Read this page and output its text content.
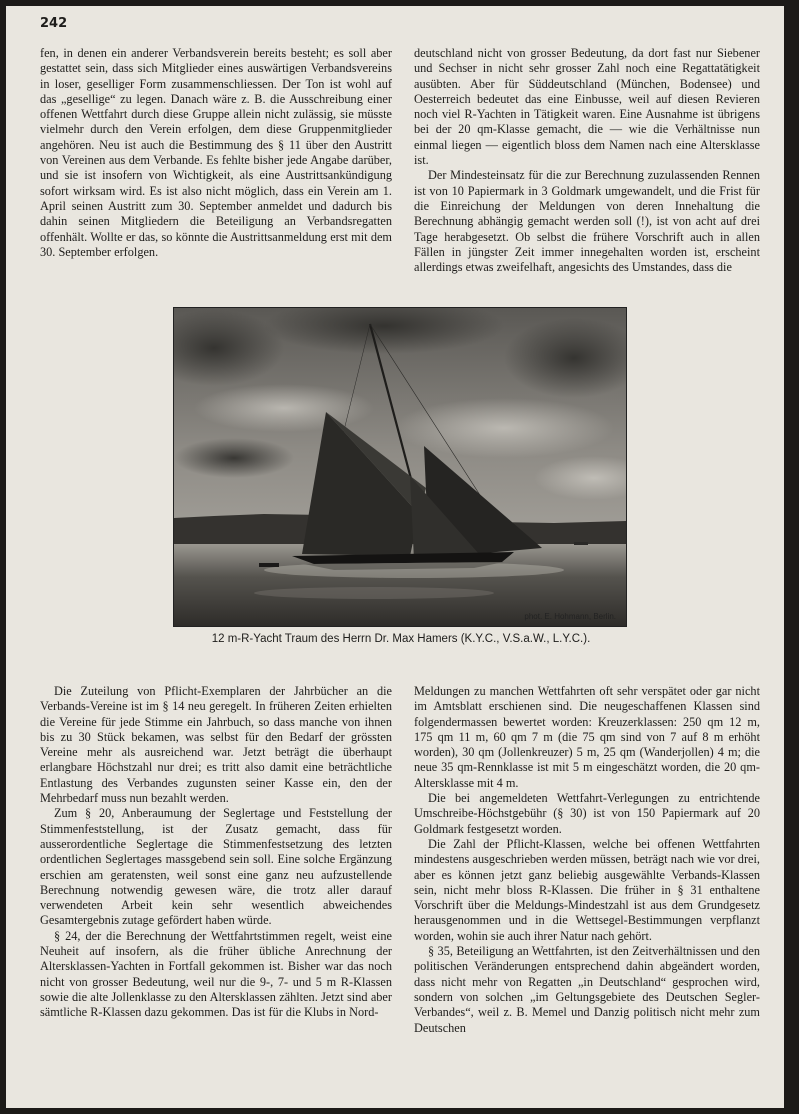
242

fen, in denen ein anderer Verbandsverein bereits besteht; es soll aber gestattet sein, dass sich Mitglieder eines auswärtigen Verbandsvereins in loser, geselliger Form zusammenschliessen. Der Ton ist wohl auf das „gesellige“ zu legen. Danach wäre z. B. die Ausschreibung einer offenen Wettfahrt durch diese Gruppe allein nicht zulässig, sie müsste vielmehr durch den Verein erfolgen, dem diese Gruppenmitglieder angehören. Neu ist auch die Bestimmung des § 11 über den Austritt von Vereinen aus dem Verbande. Es fehlte bisher jede Angabe darüber, und sie ist insofern von Wichtigkeit, als eine Austrittsankündigung sofort wirksam wird. Es ist also nicht möglich, dass ein Verein am 1. April seinen Austritt zum 30. September anmeldet und dadurch bis dahin seinen Mitgliedern die Beteiligung an Verbandsregatten offenhält. Wollte er das, so könnte die Austrittsanmeldung erst mit dem 30. September erfolgen.

deutschland nicht von grosser Bedeutung, da dort fast nur Siebener und Sechser in nicht sehr grosser Zahl noch eine Regattatätigkeit ausübten. Aber für Süddeutschland (München, Bodensee) und Oesterreich bedeutet das eine Einbusse, weil auf diesen Revieren noch viel R-Yachten in Tätigkeit waren. Eine Ausnahme ist übrigens bei der 20 qm-Klasse gemacht, die — wie die Verhältnisse nun einmal liegen — eigentlich bloss dem Namen nach eine Altersklasse ist.

Der Mindesteinsatz für die zur Berechnung zuzulassenden Rennen ist von 10 Papiermark in 3 Goldmark umgewandelt, und die Frist für die Einreichung der Meldungen von deren Innehaltung die Berechnung abhängig gemacht werden soll (!), ist von acht auf drei Tage herabgesetzt. Ob selbst die frühere Vorschrift auch in allen Fällen in jüngster Zeit immer innegehalten worden ist, erscheint allerdings etwas zweifelhaft, angesichts des Umstandes, dass die

phot. E. Hohmann, Berlin.
12 m-R-Yacht Traum des Herrn Dr. Max Hamers (K.Y.C., V.S.a.W., L.Y.C.).

Die Zuteilung von Pflicht-Exemplaren der Jahrbücher an die Verbands-Vereine ist im § 14 neu geregelt. In früheren Zeiten erhielten die Vereine für jede Stimme ein Jahrbuch, so dass manche von ihnen bis zu 30 Stück bekamen, was selbst für den Bedarf der grössten Vereine mehr als ausreichend war. Jetzt beträgt die überhaupt erlangbare Höchstzahl nur drei; es tritt also damit eine beträchtliche Entlastung des Verbandes zugunsten seiner Kasse ein, den der Mehrbedarf muss nun bezahlt werden.

Zum § 20, Anberaumung der Seglertage und Feststellung der Stimmenfeststellung, ist der Zusatz gemacht, dass für ausserordentliche Seglertage die Stimmenfestsetzung des letzten ordentlichen Seglertages massgebend sein soll. Eine solche Ergänzung erschien am geratensten, weil sonst eine ganz neu aufzustellende Berechnung notwendig gewesen wäre, die trotz aller darauf verwendeten Arbeit kein sehr wesentlich abweichendes Gesamtergebnis zutage gefördert haben würde.

§ 24, der die Berechnung der Wettfahrtstimmen regelt, weist eine Neuheit auf insofern, als die früher übliche Anrechnung der Altersklassen-Yachten in Fortfall gekommen ist. Bisher war das noch nicht von grosser Bedeutung, weil nur die 9-, 7- und 5 m R-Klassen sowie die alte Jollenklasse zu den Altersklassen zählten. Jetzt sind aber sämtliche R-Klassen dazu gekommen. Das ist für die Klubs in Nord-

Meldungen zu manchen Wettfahrten oft sehr verspätet oder gar nicht im Amtsblatt erschienen sind. Die neugeschaffenen Klassen sind folgendermassen bewertet worden: Kreuzerklassen: 250 qm 12 m, 175 qm 11 m, 60 qm 7 m (die 75 qm sind von 7 auf 8 m erhöht worden), 30 qm (Jollenkreuzer) 5 m, 25 qm (Wanderjollen) 4 m; die neue 35 qm-Rennklasse ist mit 5 m eingeschätzt worden, die 20 qm-Altersklasse mit 4 m.

Die bei angemeldeten Wettfahrt-Verlegungen zu entrichtende Umschreibe-Höchstgebühr (§ 30) ist von 150 Papiermark auf 20 Goldmark festgesetzt worden.

Die Zahl der Pflicht-Klassen, welche bei offenen Wettfahrten mindestens ausgeschrieben werden müssen, beträgt nach wie vor drei, aber es können jetzt ganz beliebig ausgewählte Verbands-Klassen sein, nicht mehr bloss R-Klassen. Die früher in § 31 enthaltene Vorschrift über die Meldungs-Mindestzahl ist aus dem Grundgesetz herausgenommen und in die Wettsegel-Bestimmungen verpflanzt worden, wohin sie auch ihrer Natur nach gehört.

§ 35, Beteiligung an Wettfahrten, ist den Zeitverhältnissen und den politischen Veränderungen entsprechend dahin abgeändert worden, dass nicht mehr von Regatten „in Deutschland“ gesprochen wird, sondern von solchen „im Geltungsgebiete des Deutschen Segler-Verbandes“, weil z. B. Memel und Danzig politisch nicht mehr zum Deutschen
